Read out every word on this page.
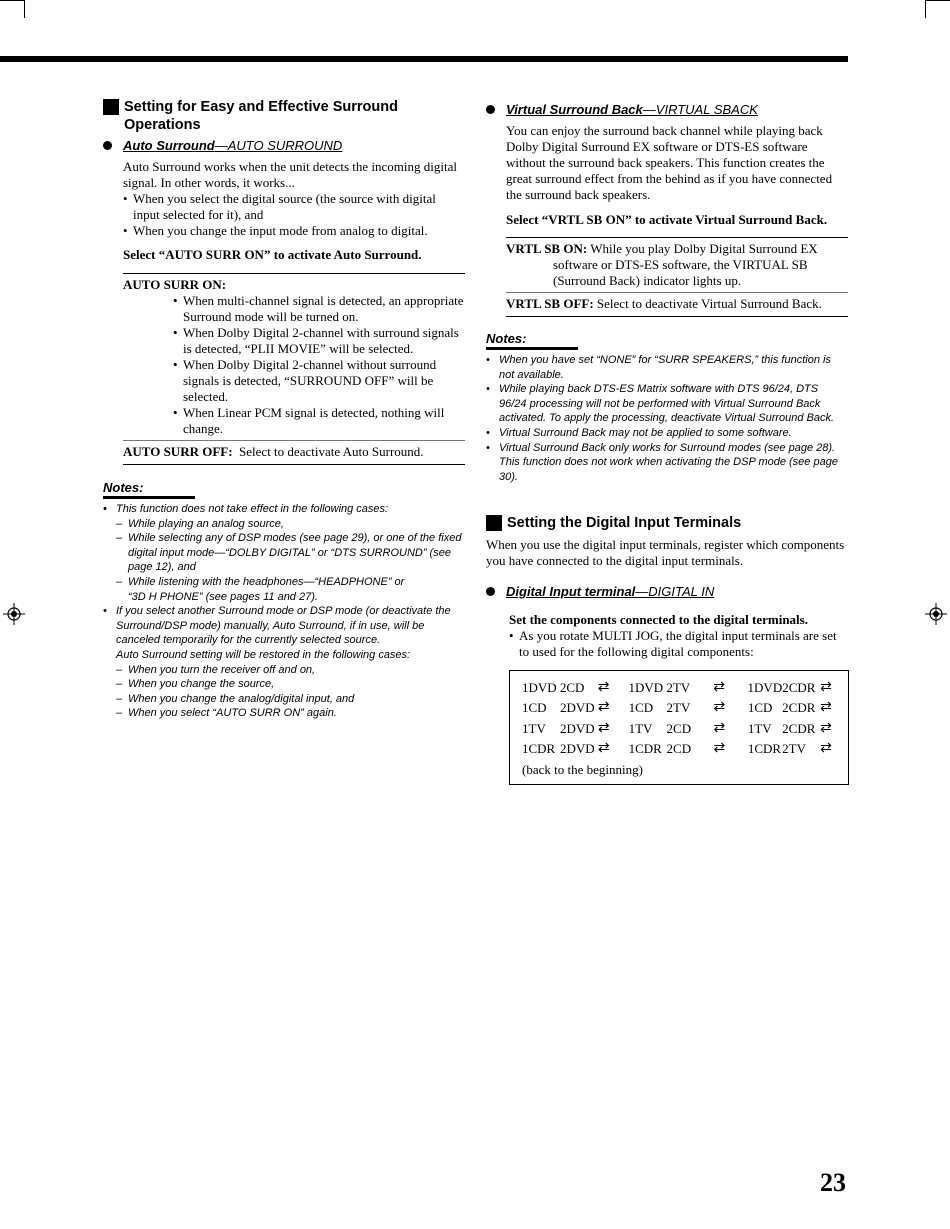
Setting for Easy and Effective Surround Operations
Auto Surround —AUTO SURROUND

Auto Surround works when the unit detects the incoming digital signal. In other words, it works...

• When you select the digital source (the source with digital input selected for it), and
• When you change the input mode from analog to digital.

Select “AUTO SURR ON” to activate Auto Surround.

AUTO SURR ON:
• When multi-channel signal is detected, an appropriate Surround mode will be turned on.
• When Dolby Digital 2-channel with surround signals is detected, “PLII MOVIE” will be selected.
• When Dolby Digital 2-channel without surround signals is detected, “SURROUND OFF” will be selected.
• When Linear PCM signal is detected, nothing will change.
AUTO SURR OFF: Select to deactivate Auto Surround.
Notes:
• This function does not take effect in the following cases:
– While playing an analog source,
– While selecting any of DSP modes (see page 29), or one of the fixed digital input mode—“DOLBY DIGITAL” or “DTS SURROUND” (see page 12), and
– While listening with the headphones—“HEADPHONE” or
“3D H PHONE” (see pages 11 and 27).
• If you select another Surround mode or DSP mode (or deactivate the Surround/DSP mode) manually, Auto Surround, if in use, will be canceled temporarily for the currently selected source.
Auto Surround setting will be restored in the following cases:
– When you turn the receiver off and on,
– When you change the source,
– When you change the analog/digital input, and
– When you select “AUTO SURR ON” again.
Virtual Surround Back —VIRTUAL SBACK

You can enjoy the surround back channel while playing back Dolby Digital Surround EX software or DTS-ES software without the surround back speakers. This function creates the great surround effect from the behind as if you have connected the surround back speakers.

Select “VRTL SB ON” to activate Virtual Surround Back.

VRTL SB ON: While you play Dolby Digital Surround EX software or DTS-ES software, the VIRTUAL SB (Surround Back) indicator lights up.
VRTL SB OFF: Select to deactivate Virtual Surround Back.
Notes:
• When you have set “NONE” for “SURR SPEAKERS,” this function is not available.
• While playing back DTS-ES Matrix software with DTS 96/24, DTS 96/24 processing will not be performed with Virtual Surround Back activated. To apply the processing, deactivate Virtual Surround Back.
• Virtual Surround Back may not be applied to some software.
• Virtual Surround Back only works for Surround modes (see page 28). This function does not work when activating the DSP mode (see page 30).
Setting the Digital Input Terminals

When you use the digital input terminals, register which components you have connected to the digital input terminals.

Digital Input terminal —DIGITAL IN

Set the components connected to the digital terminals.

• As you rotate MULTI JOG, the digital input terminals are set to used for the following digital components:
1DVD 2CD ⇄	1DVD 2TV	⇄	1DVD 2CDR ⇄
1CD	2DVD ⇄	1CD	2TV	⇄	1CD 2CDR ⇄
1TV	2DVD ⇄	1TV	2CD	⇄	1TV 2CDR ⇄
1CDR 2DVD ⇄	1CDR 2CD	⇄	1CDR 2TV	⇄
(back to the beginning)
23
